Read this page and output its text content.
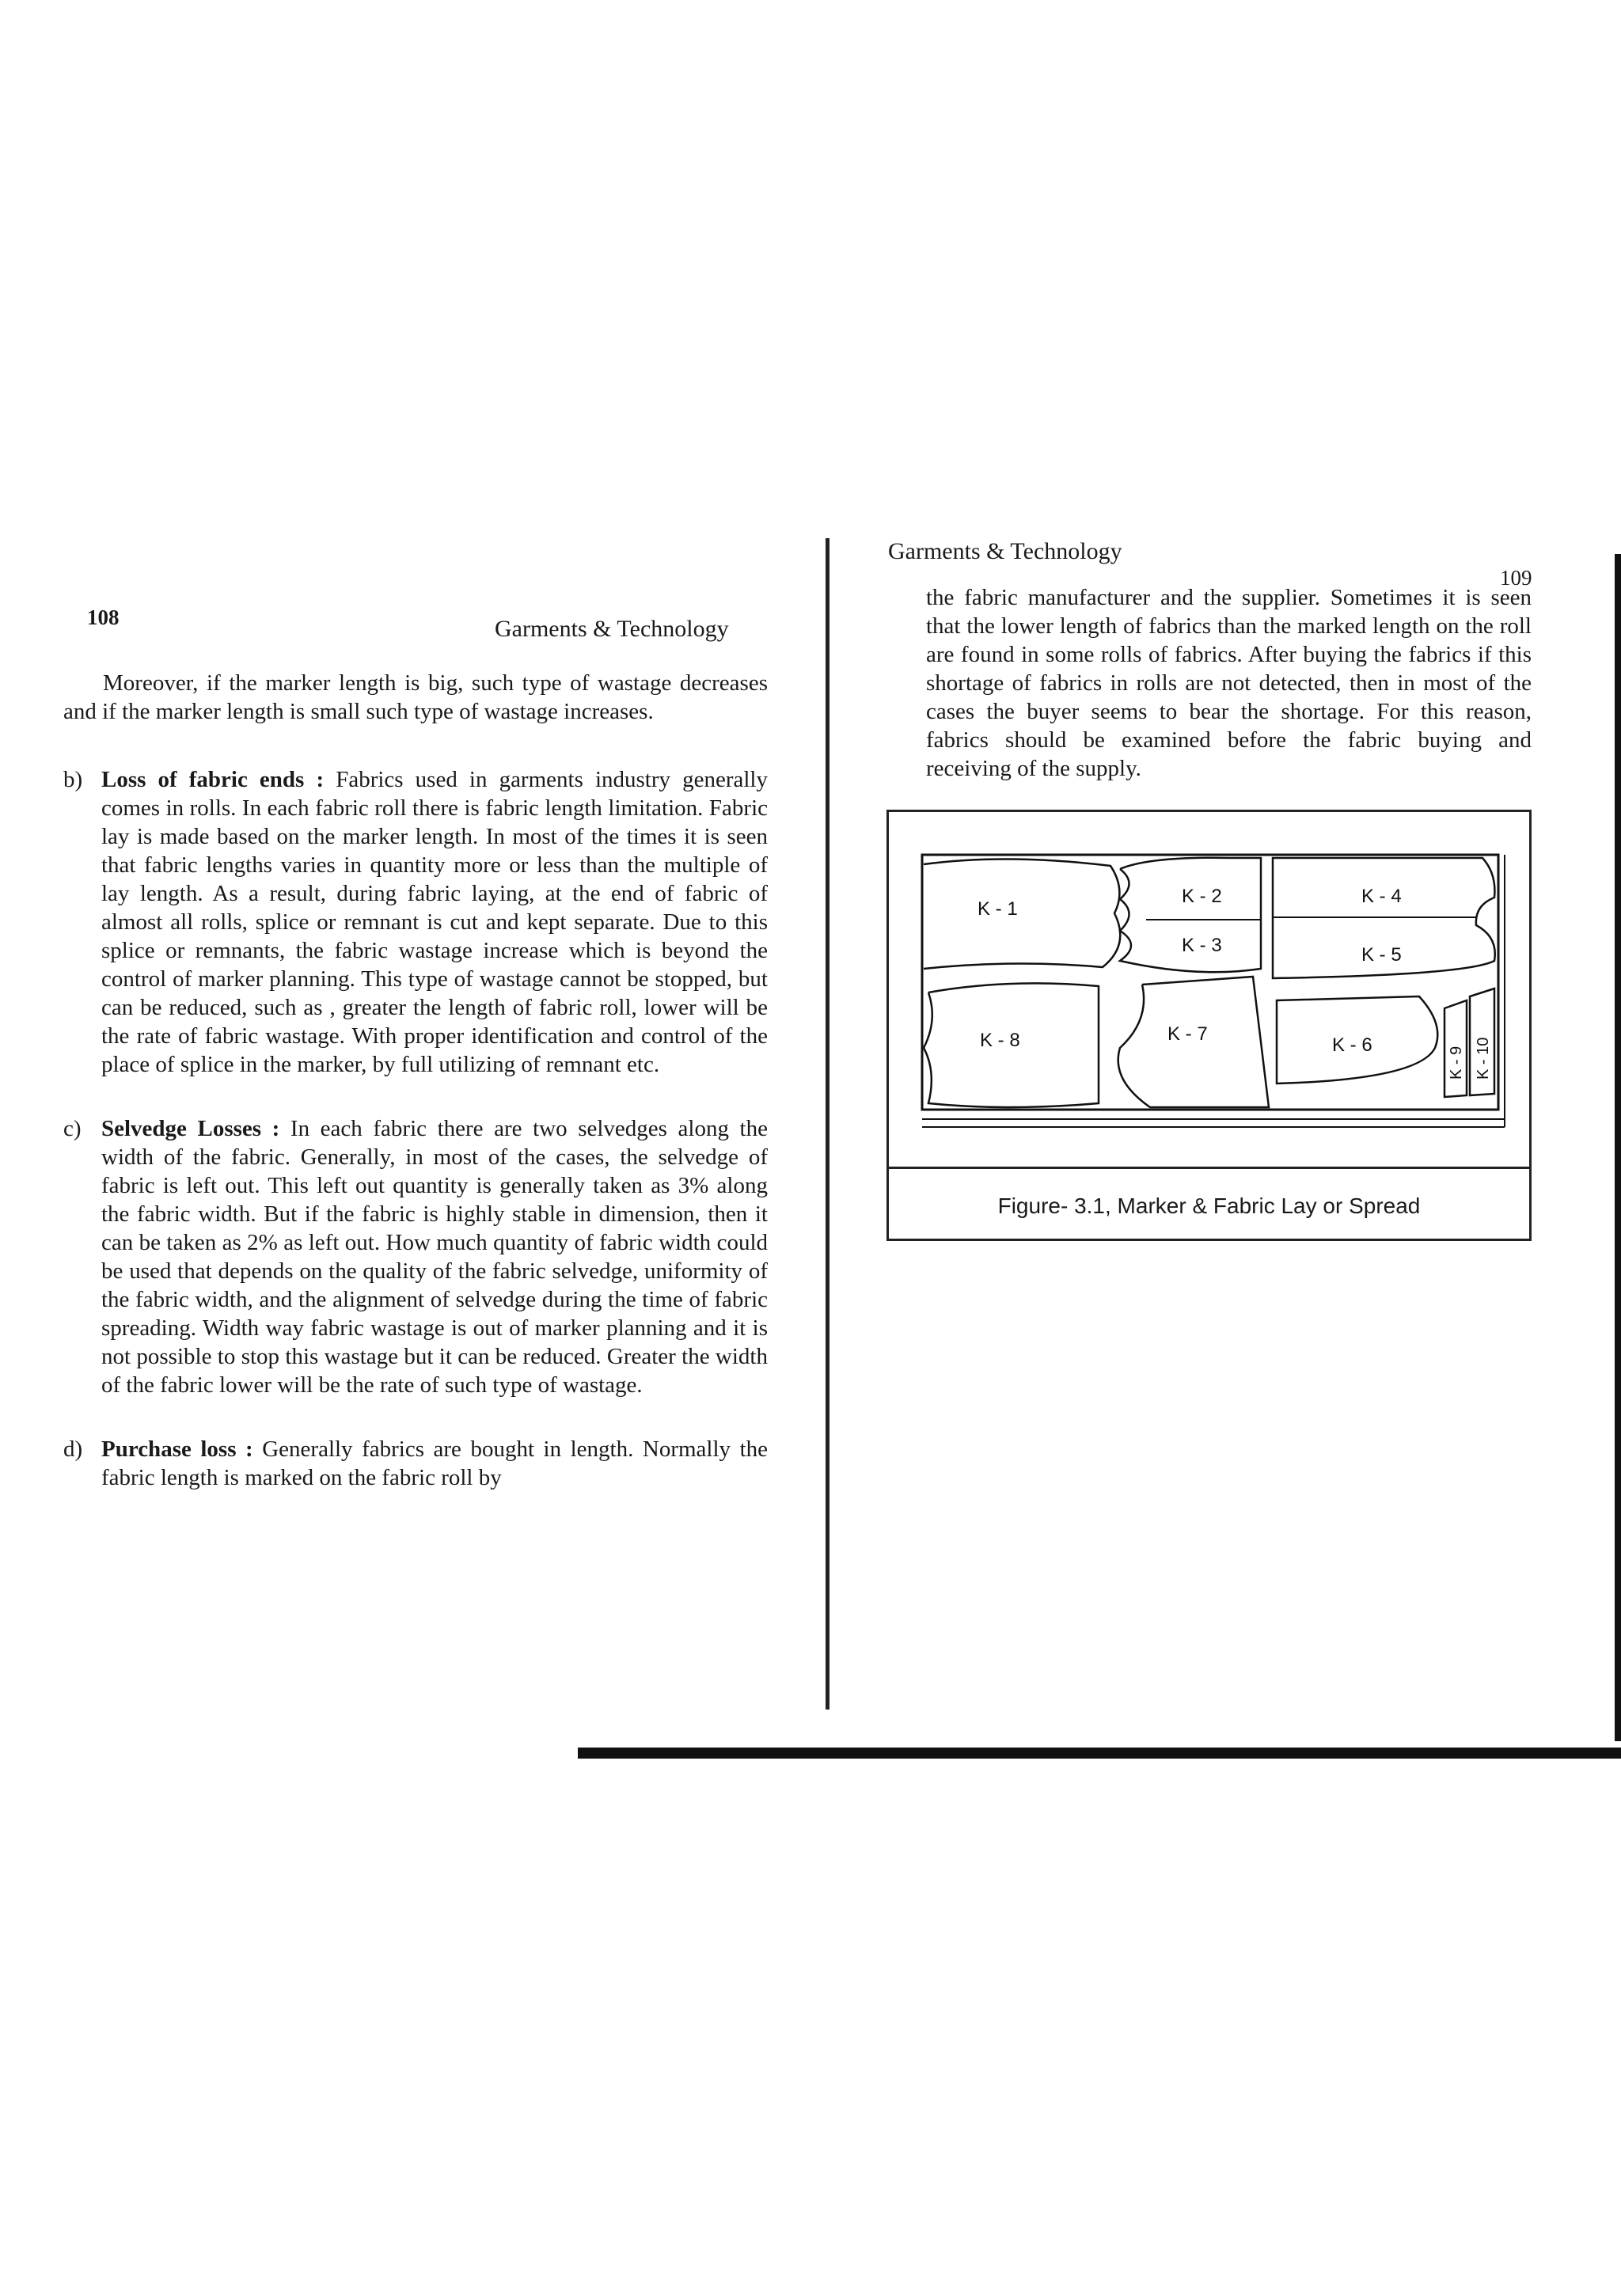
108	Garments & Technology

Moreover, if the marker length is big, such type of wastage decreases and if the marker length is small such type of wastage increases.

b) Loss of fabric ends : Fabrics used in garments industry generally comes in rolls. In each fabric roll there is fabric length limitation. Fabric lay is made based on the marker length. In most of the times it is seen that fabric lengths varies in quantity more or less than the multiple of lay length. As a result, during fabric laying, at the end of fabric of almost all rolls, splice or remnant is cut and kept separate. Due to this splice or remnants, the fabric wastage increase which is beyond the control of marker planning. This type of wastage cannot be stopped, but can be reduced, such as , greater the length of fabric roll, lower will be the rate of fabric wastage. With proper identification and control of the place of splice in the marker, by full utilizing of remnant etc.
c) Selvedge Losses : In each fabric there are two selvedges along the width of the fabric. Generally, in most of the cases, the selvedge of fabric is left out. This left out quantity is generally taken as 3% along the fabric width. But if the fabric is highly stable in dimension, then it can be taken as 2% as left out. How much quantity of fabric width could be used that depends on the quality of the fabric selvedge, uniformity of the fabric width, and the alignment of selvedge during the time of fabric spreading. Width way fabric wastage is out of marker planning and it is not possible to stop this wastage but it can be reduced. Greater the width of the fabric lower will be the rate of such type of wastage.
d) Purchase loss : Generally fabrics are bought in length. Normally the fabric length is marked on the fabric roll by
Garments & Technology
109

the fabric manufacturer and the supplier. Sometimes it is seen that the lower length of fabrics than the marked length on the roll are found in some rolls of fabrics. After buying the fabrics if this shortage of fabrics in rolls are not detected, then in most of the cases the buyer seems to bear the shortage. For this reason, fabrics should be examined before the fabric buying and receiving of the supply.

K - 1
K - 2
K - 3
K - 4
K - 5
K - 6
K - 7
K - 8
K - 9 K - 10
Figure- 3.1, Marker & Fabric Lay or Spread
